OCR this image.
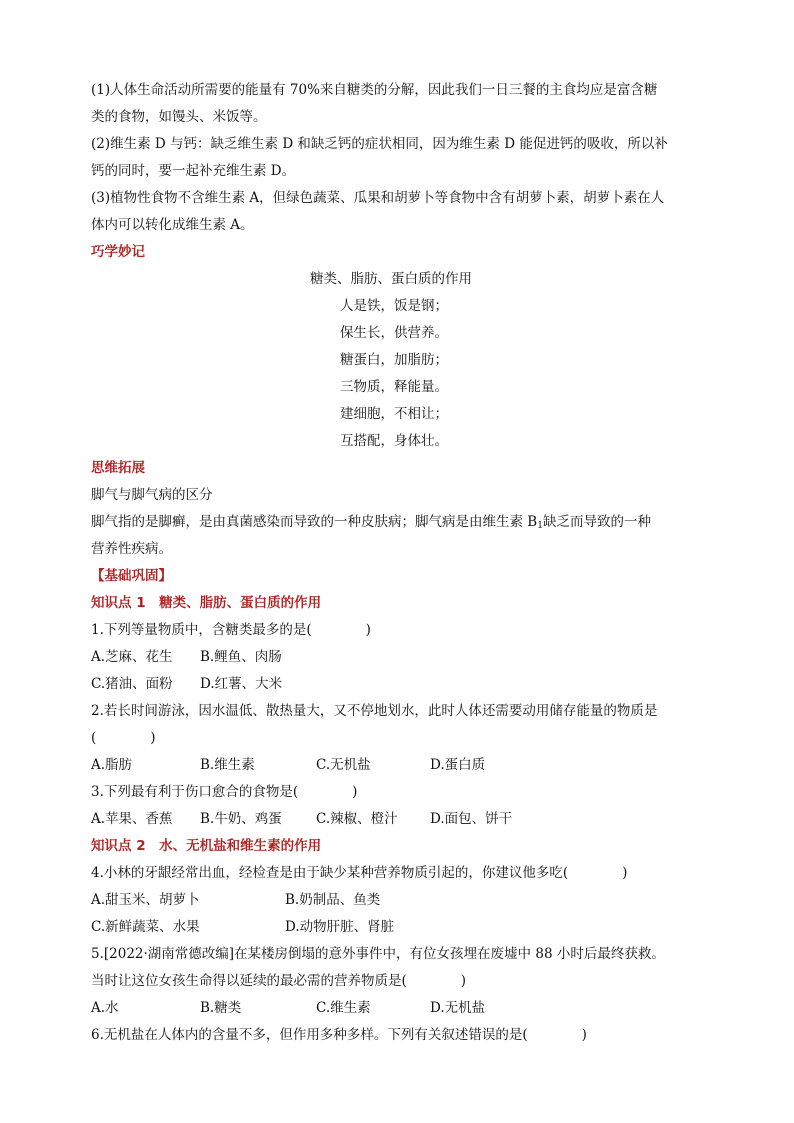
(1)人体生命活动所需要的能量有 70%来自糖类的分解，因此我们一日三餐的主食均应是富含糖
类的食物，如馒头、米饭等。
(2)维生素 D 与钙：缺乏维生素 D 和缺乏钙的症状相同，因为维生素 D 能促进钙的吸收，所以补
钙的同时，要一起补充维生素 D。
(3)植物性食物不含维生素 A，但绿色蔬菜、瓜果和胡萝卜等食物中含有胡萝卜素，胡萝卜素在人
体内可以转化成维生素 A。
巧学妙记
糖类、脂肪、蛋白质的作用
人是铁，饭是钢；
保生长，供营养。
糖蛋白，加脂肪；
三物质，释能量。
建细胞，不相让；
互搭配，身体壮。
思维拓展
脚气与脚气病的区分
脚气指的是脚癣，是由真菌感染而导致的一种皮肤病；脚气病是由维生素 $B_1$缺乏而导致的一种
营养性疾病。
【基础巩固】
知识点 1　糖类、脂肪、蛋白质的作用
1.下列等量物质中，含糖类最多的是(　　　　)
A.芝麻、花生 B.鲤鱼、肉肠
C.猪油、面粉 D.红薯、大米
2.若长时间游泳，因水温低、散热量大，又不停地划水，此时人体还需要动用储存能量的物质是
(　　　　)
A.脂肪	B.维生素	C.无机盐	D.蛋白质
3.下列最有利于伤口愈合的食物是(　　　　)
A.苹果、香蕉 B.牛奶、鸡蛋	C.辣椒、橙汁 D.面包、饼干
知识点 2　水、无机盐和维生素的作用
4.小林的牙龈经常出血，经检查是由于缺少某种营养物质引起的，你建议他多吃(　　　　)
A.甜玉米、胡萝卜	B.奶制品、鱼类
C.新鲜蔬菜、水果	D.动物肝脏、肾脏
5.[2022·湖南常德改编]在某楼房倒塌的意外事件中，有位女孩埋在废墟中 88 小时后最终获救。
当时让这位女孩生命得以延续的最必需的营养物质是(　　　　)
A.水	B.糖类	C.维生素	D.无机盐
6.无机盐在人体内的含量不多，但作用多种多样。下列有关叙述错误的是(　　　　)
